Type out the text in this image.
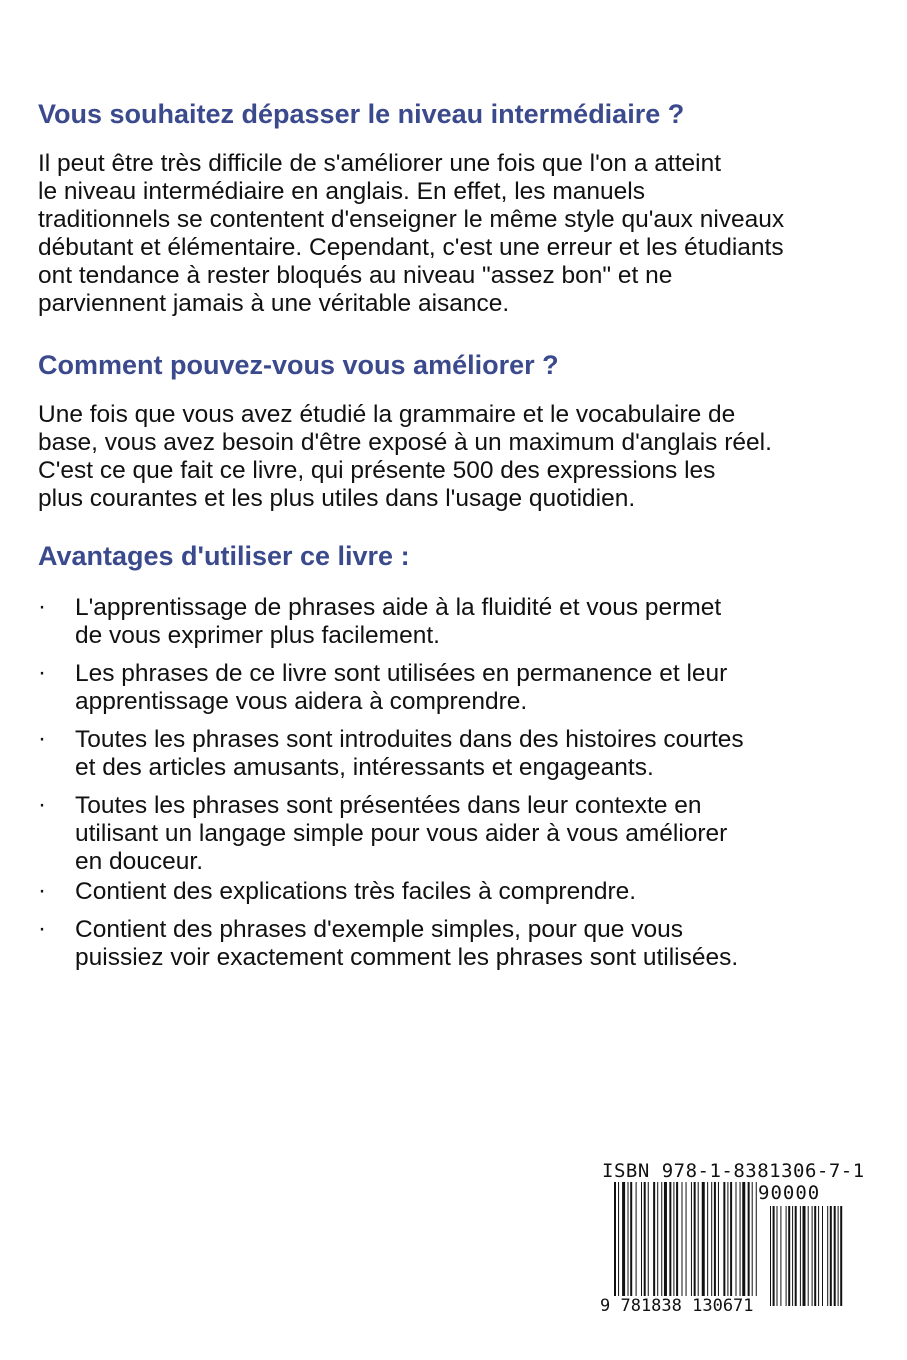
Vous souhaitez dépasser le niveau intermédiaire ?
Il peut être très difficile de s'améliorer une fois que l'on a atteint
le niveau intermédiaire en anglais. En effet, les manuels
traditionnels se contentent d'enseigner le même style qu'aux niveaux
débutant et élémentaire. Cependant, c'est une erreur et les étudiants
ont tendance à rester bloqués au niveau "assez bon" et ne
parviennent jamais à une véritable aisance.
Comment pouvez-vous vous améliorer ?
Une fois que vous avez étudié la grammaire et le vocabulaire de
base, vous avez besoin d'être exposé à un maximum d'anglais réel.
C'est ce que fait ce livre, qui présente 500 des expressions les
plus courantes et les plus utiles dans l'usage quotidien.
Avantages d'utiliser ce livre :
· L'apprentissage de phrases aide à la fluidité et vous permet
de vous exprimer plus facilement.
· Les phrases de ce livre sont utilisées en permanence et leur
apprentissage vous aidera à comprendre.
· Toutes les phrases sont introduites dans des histoires courtes
et des articles amusants, intéressants et engageants.
· Toutes les phrases sont présentées dans leur contexte en
utilisant un langage simple pour vous aider à vous améliorer
en douceur.
· Contient des explications très faciles à comprendre.
· Contient des phrases d'exemple simples, pour que vous
puissiez voir exactement comment les phrases sont utilisées.
ISBN 978-1-8381306-7-1
90000
9 781838 130671
